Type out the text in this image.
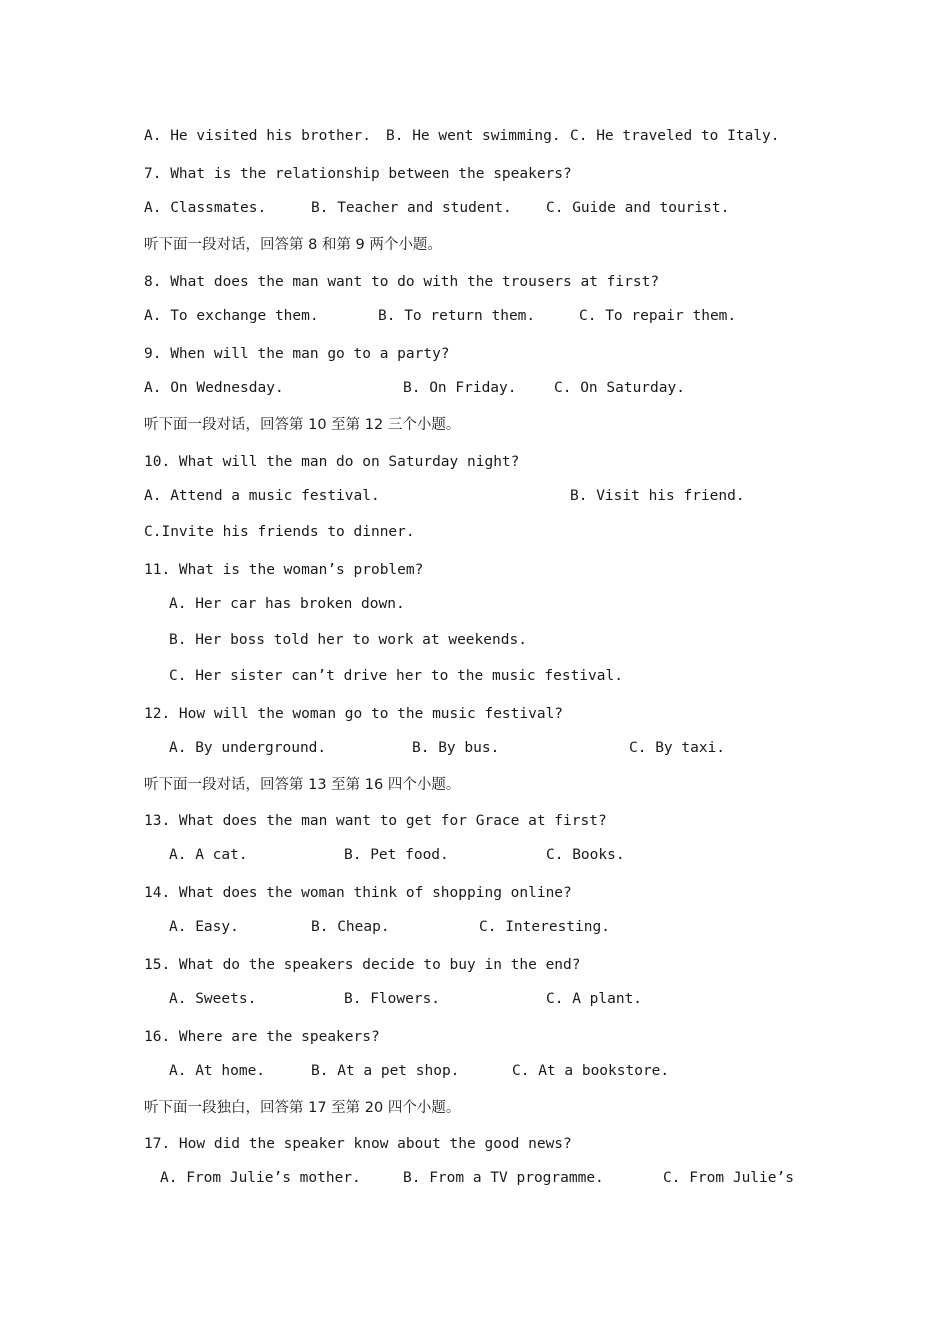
A. He visited his brother. B. He went swimming. C. He traveled to Italy.
7. What is the relationship between the speakers?
A. Classmates.	B. Teacher and student. C. Guide and tourist.
听下面一段对话，回答第 8 和第 9 两个小题。
8. What does the man want to do with the trousers at first?
A. To exchange them.	B. To return them.	C. To repair them.
9. When will the man go to a party?
A. On Wednesday.	B. On Friday.	C. On Saturday.
听下面一段对话，回答第 10 至第 12 三个小题。
10. What will the man do on Saturday night?
A. Attend a music festival.	B. Visit his friend.
C.Invite his friends to dinner.
11. What is the woman’s problem?
A. Her car has broken down.
B. Her boss told her to work at weekends.
C. Her sister can’t drive her to the music festival.
12. How will the woman go to the music festival?
A. By underground.	B. By bus.	C. By taxi.
听下面一段对话，回答第 13 至第 16 四个小题。
13. What does the man want to get for Grace at first?
A. A cat.	B. Pet food.	C. Books.
14. What does the woman think of shopping online?
A. Easy.	B. Cheap.	C. Interesting.
15. What do the speakers decide to buy in the end?
A. Sweets.	B. Flowers.	C. A plant.
16. Where are the speakers?
A. At home.	B. At a pet shop.	C. At a bookstore.
听下面一段独白，回答第 17 至第 20 四个小题。
17. How did the speaker know about the good news?
A. From Julie’s mother.	B. From a TV programme.	C. From Julie’s
